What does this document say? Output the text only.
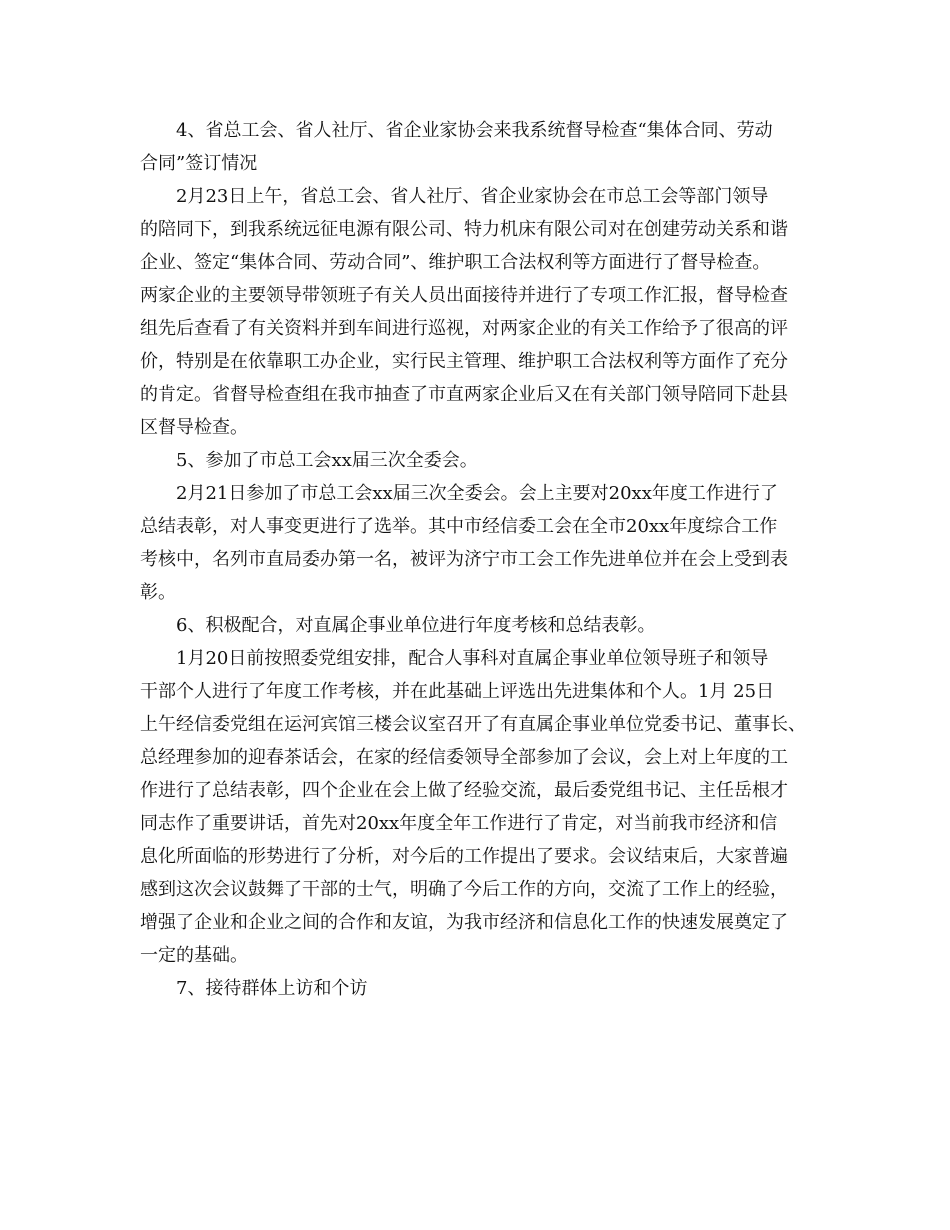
4、省总工会、省人社厅、省企业家协会来我系统督导检查“集体合同、劳动
合同”签订情况
2月23日上午，省总工会、省人社厅、省企业家协会在市总工会等部门领导
的陪同下，到我系统远征电源有限公司、特力机床有限公司对在创建劳动关系和谐
企业、签定“集体合同、劳动合同”、维护职工合法权利等方面进行了督导检查。
两家企业的主要领导带领班子有关人员出面接待并进行了专项工作汇报，督导检查
组先后查看了有关资料并到车间进行巡视，对两家企业的有关工作给予了很高的评
价，特别是在依靠职工办企业，实行民主管理、维护职工合法权利等方面作了充分
的肯定。省督导检查组在我市抽查了市直两家企业后又在有关部门领导陪同下赴县
区督导检查。
5、参加了市总工会xx届三次全委会。
2月21日参加了市总工会xx届三次全委会。会上主要对20xx年度工作进行了
总结表彰，对人事变更进行了选举。其中市经信委工会在全市20xx年度综合工作
考核中，名列市直局委办第一名，被评为济宁市工会工作先进单位并在会上受到表
彰。
6、积极配合，对直属企事业单位进行年度考核和总结表彰。
1月20日前按照委党组安排，配合人事科对直属企事业单位领导班子和领导
干部个人进行了年度工作考核，并在此基础上评选出先进集体和个人。1月 25日
上午经信委党组在运河宾馆三楼会议室召开了有直属企事业单位党委书记、董事长、
总经理参加的迎春茶话会，在家的经信委领导全部参加了会议，会上对上年度的工
作进行了总结表彰，四个企业在会上做了经验交流，最后委党组书记、主任岳根才
同志作了重要讲话，首先对20xx年度全年工作进行了肯定，对当前我市经济和信
息化所面临的形势进行了分析，对今后的工作提出了要求。会议结束后，大家普遍
感到这次会议鼓舞了干部的士气，明确了今后工作的方向，交流了工作上的经验，
增强了企业和企业之间的合作和友谊，为我市经济和信息化工作的快速发展奠定了
一定的基础。
7、接待群体上访和个访
